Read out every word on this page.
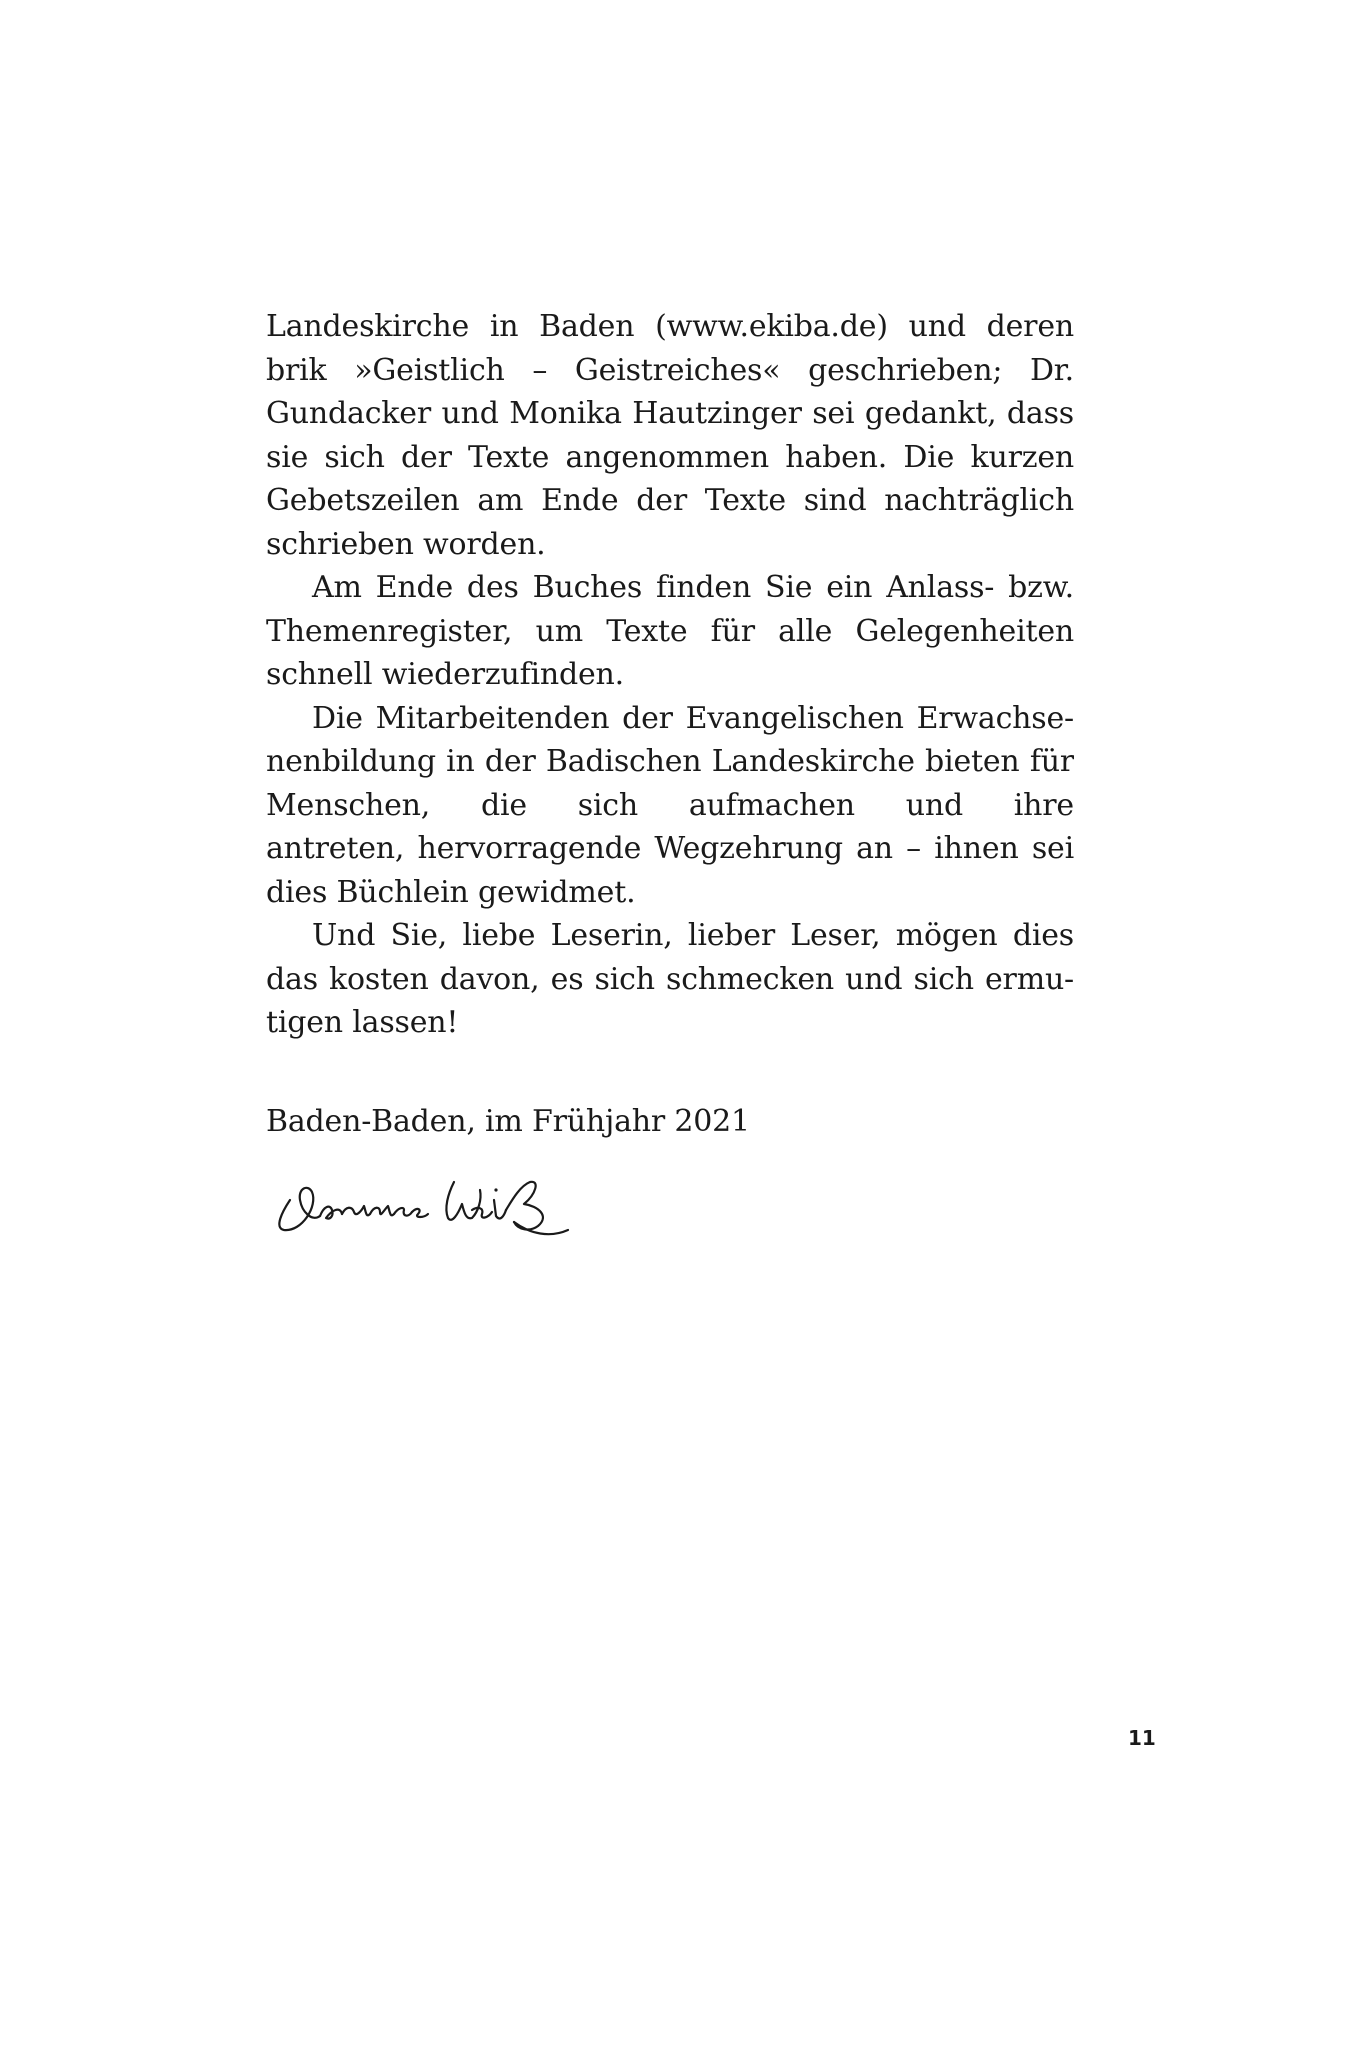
Landeskirche in Baden (www.ekiba.de) und deren
brik »Geistlich – Geistreiches« geschrieben; Dr.
Gundacker und Monika Hautzinger sei gedankt, dass
sie sich der Texte angenommen haben. Die kurzen
Gebetszeilen am Ende der Texte sind nachträglich
schrieben worden.
Am Ende des Buches finden Sie ein Anlass- bzw.
Themenregister, um Texte für alle Gelegenheiten
schnell wiederzufinden.
Die Mitarbeitenden der Evangelischen Erwachse-
nenbildung in der Badischen Landeskirche bieten für
Menschen, die sich aufmachen und ihre
antreten, hervorragende Wegzehrung an – ihnen sei
dies Büchlein gewidmet.
Und Sie, liebe Leserin, lieber Leser, mögen dies
das kosten davon, es sich schmecken und sich ermu-
tigen lassen!
Baden-Baden, im Frühjahr 2021
11
